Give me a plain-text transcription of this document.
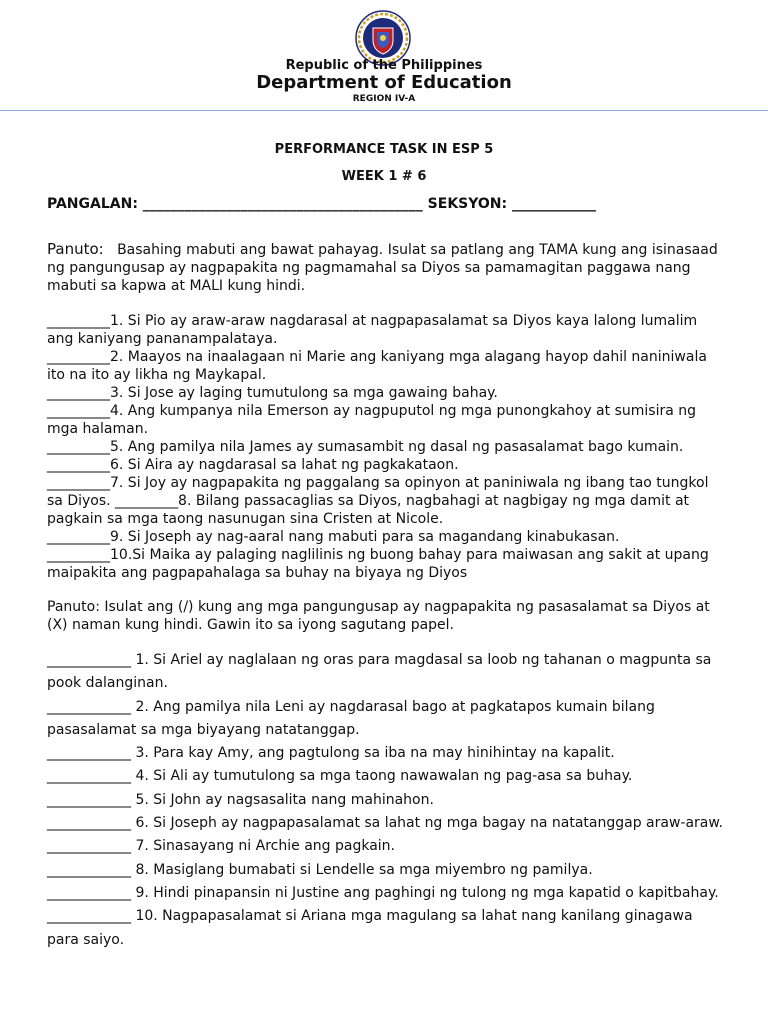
Republic of the Philippines
Department of Education
REGION IV-A
PERFORMANCE TASK IN ESP 5
WEEK 1 # 6
PANGALAN: ________________________________________ SEKSYON: ____________
Panuto: Basahing mabuti ang bawat pahayag. Isulat sa patlang ang TAMA kung ang isinasaad ng pangungusap ay nagpapakita ng pagmamahal sa Diyos sa pamamagitan paggawa nang mabuti sa kapwa at MALI kung hindi.
_________1. Si Pio ay araw-araw nagdarasal at nagpapasalamat sa Diyos kaya lalong lumalim ang kaniyang pananampalataya.
_________2. Maayos na inaalagaan ni Marie ang kaniyang mga alagang hayop dahil naniniwala ito na ito ay likha ng Maykapal.
_________3. Si Jose ay laging tumutulong sa mga gawaing bahay.
_________4. Ang kumpanya nila Emerson ay nagpuputol ng mga punongkahoy at sumisira ng mga halaman.
_________5. Ang pamilya nila James ay sumasambit ng dasal ng pasasalamat bago kumain.
_________6. Si Aira ay nagdarasal sa lahat ng pagkakataon.
_________7. Si Joy ay nagpapakita ng paggalang sa opinyon at paniniwala ng ibang tao tungkol sa Diyos. _________8. Bilang passacaglias sa Diyos, nagbahagi at nagbigay ng mga damit at pagkain sa mga taong nasunugan sina Cristen at Nicole.
_________9. Si Joseph ay nag-aaral nang mabuti para sa magandang kinabukasan.
_________10.Si Maika ay palaging naglilinis ng buong bahay para maiwasan ang sakit at upang maipakita ang pagpapahalaga sa buhay na biyaya ng Diyos
Panuto: Isulat ang (/) kung ang mga pangungusap ay nagpapakita ng pasasalamat sa Diyos at (X) naman kung hindi. Gawin ito sa iyong sagutang papel.
____________ 1. Si Ariel ay naglalaan ng oras para magdasal sa loob ng tahanan o magpunta sa pook dalanginan.
____________ 2. Ang pamilya nila Leni ay nagdarasal bago at pagkatapos kumain bilang pasasalamat sa mga biyayang natatanggap.
____________ 3. Para kay Amy, ang pagtulong sa iba na may hinihintay na kapalit.
____________ 4. Si Ali ay tumutulong sa mga taong nawawalan ng pag-asa sa buhay.
____________ 5. Si John ay nagsasalita nang mahinahon.
____________ 6. Si Joseph ay nagpapasalamat sa lahat ng mga bagay na natatanggap araw-araw. ____________ 7. Sinasayang ni Archie ang pagkain.
____________ 8. Masiglang bumabati si Lendelle sa mga miyembro ng pamilya.
____________ 9. Hindi pinapansin ni Justine ang paghingi ng tulong ng mga kapatid o kapitbahay.
____________ 10. Nagpapasalamat si Ariana mga magulang sa lahat nang kanilang ginagawa para saiyo.
